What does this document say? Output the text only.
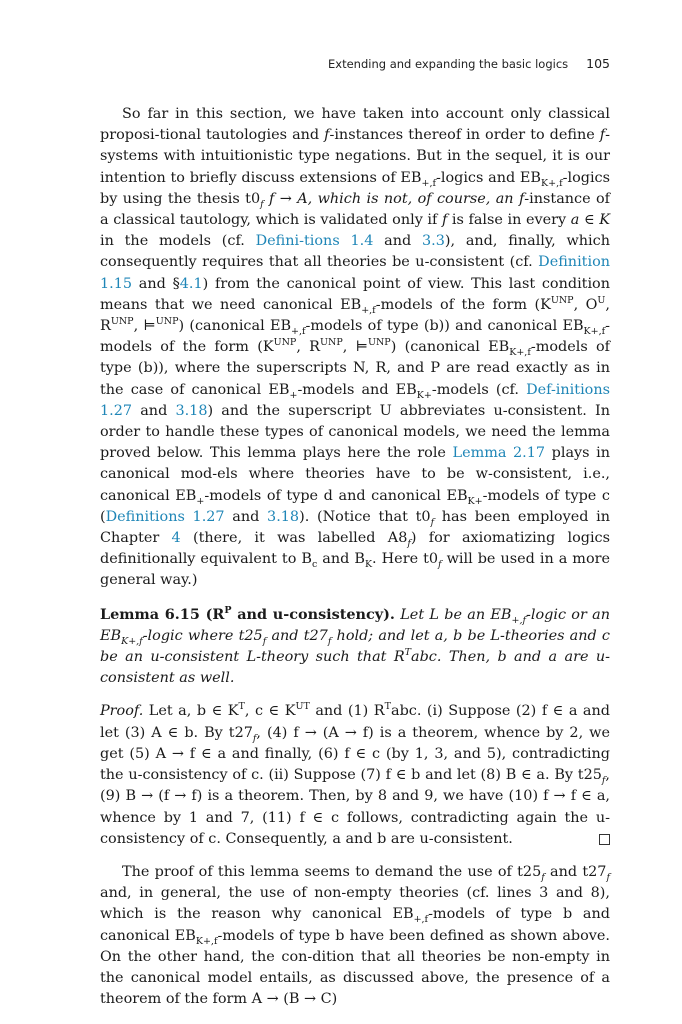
Extending and expanding the basic logics 105

So far in this section, we have taken into account only classical proposi-tional tautologies and f-instances thereof in order to define f-systems with intuitionistic type negations. But in the sequel, it is our intention to briefly discuss extensions of $EB_{+,f}$-logics and $EB_{K+,f}$-logics by using the thesis $t0_f$ f → A, which is not, of course, an f-instance of a classical tautology, which is validated only if f is false in every a ∈ K in the models (cf. Defini-tions 1.4 and 3.3), and, finally, which consequently requires that all theories be u-consistent (cf. Definition 1.15 and §4.1) from the canonical point of view. This last condition means that we need canonical $EB_{+,f}$-models of the form ($K^{UNP}$, $O^U$, $R^{UNP}$, ⊨$^{UNP}$) (canonical $EB_{+,f}$-models of type (b)) and canonical $EB_{K+,f}$-models of the form ($K^{UNP}$, $R^{UNP}$, ⊨$^{UNP}$) (canonical $EB_{K+,f}$-models of type (b)), where the superscripts N, R, and P are read exactly as in the case of canonical $EB_+$-models and $EB_{K+}$-models (cf. Def-initions 1.27 and 3.18) and the superscript U abbreviates u-consistent. In order to handle these types of canonical models, we need the lemma proved below. This lemma plays here the role Lemma 2.17 plays in canonical mod-els where theories have to be w-consistent, i.e., canonical $EB_+$-models of type d and canonical $EB_{K+}$-models of type c (Definitions 1.27 and 3.18). (Notice that $t0_f$ has been employed in Chapter 4 (there, it was labelled $A8_f$) for axiomatizing logics definitionally equivalent to $B_c$ and $B_K$. Here $t0_f$ will be used in a more general way.)

Lemma 6.15 ($R^P$ and u-consistency). Let L be an $EB_{+,f}$-logic or an $EB_{K+,f}$-logic where $t25_f$ and $t27_f$ hold; and let a, b be L-theories and c be an u-consistent L-theory such that $R^Tabc$. Then, b and a are u-consistent as well.

Proof. Let a, b ∈ $K^T$, c ∈ $K^{UT}$ and (1) $R^Tabc$. (i) Suppose (2) f ∈ a and let (3) A ∈ b. By $t27_f$, (4) f → (A → f) is a theorem, whence by 2, we get (5) A → f ∈ a and finally, (6) f ∈ c (by 1, 3, and 5), contradicting the u-consistency of c. (ii) Suppose (7) f ∈ b and let (8) B ∈ a. By $t25_f$, (9) B → (f → f) is a theorem. Then, by 8 and 9, we have (10) f → f ∈ a, whence by 1 and 7, (11) f ∈ c follows, contradicting again the u-consistency of c. Consequently, a and b are u-consistent.

The proof of this lemma seems to demand the use of $t25_f$ and $t27_f$ and, in general, the use of non-empty theories (cf. lines 3 and 8), which is the reason why canonical $EB_{+,f}$-models of type b and canonical $EB_{K+,f}$-models of type b have been defined as shown above. On the other hand, the con-dition that all theories be non-empty in the canonical model entails, as discussed above, the presence of a theorem of the form A → (B → C)
